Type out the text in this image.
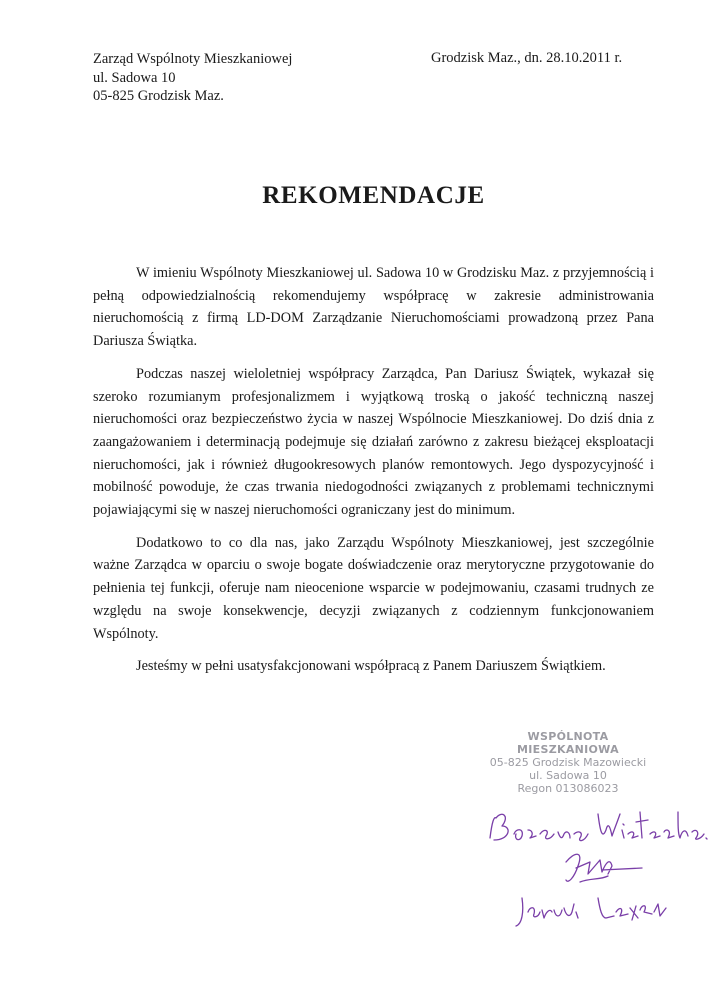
Zarząd Wspólnoty Mieszkaniowej
ul. Sadowa 10
05-825 Grodzisk Maz.
Grodzisk Maz., dn. 28.10.2011 r.
REKOMENDACJE

W imieniu Wspólnoty Mieszkaniowej ul. Sadowa 10 w Grodzisku Maz. z przyjemnością i pełną odpowiedzialnością rekomendujemy współpracę w zakresie administrowania nieruchomością z firmą LD-DOM Zarządzanie Nieruchomościami prowadzoną przez Pana Dariusza Świątka.

Podczas naszej wieloletniej współpracy Zarządca, Pan Dariusz Świątek, wykazał się szeroko rozumianym profesjonalizmem i wyjątkową troską o jakość techniczną naszej nieruchomości oraz bezpieczeństwo życia w naszej Wspólnocie Mieszkaniowej. Do dziś dnia z zaangażowaniem i determinacją podejmuje się działań zarówno z zakresu bieżącej eksploatacji nieruchomości, jak i również długookresowych planów remontowych. Jego dyspozycyjność i mobilność powoduje, że czas trwania niedogodności związanych z problemami technicznymi pojawiającymi się w naszej nieruchomości ograniczany jest do minimum.

Dodatkowo to co dla nas, jako Zarządu Wspólnoty Mieszkaniowej, jest szczególnie ważne Zarządca w oparciu o swoje bogate doświadczenie oraz merytoryczne przygotowanie do pełnienia tej funkcji, oferuje nam nieocenione wsparcie w podejmowaniu, czasami trudnych ze względu na swoje konsekwencje, decyzji związanych z codziennym funkcjonowaniem Wspólnoty.

Jesteśmy w pełni usatysfakcjonowani współpracą z Panem Dariuszem Świątkiem.

WSPÓLNOTA MIESZKANIOWA
05-825 Grodzisk Mazowiecki
ul. Sadowa 10
Regon 013086023
